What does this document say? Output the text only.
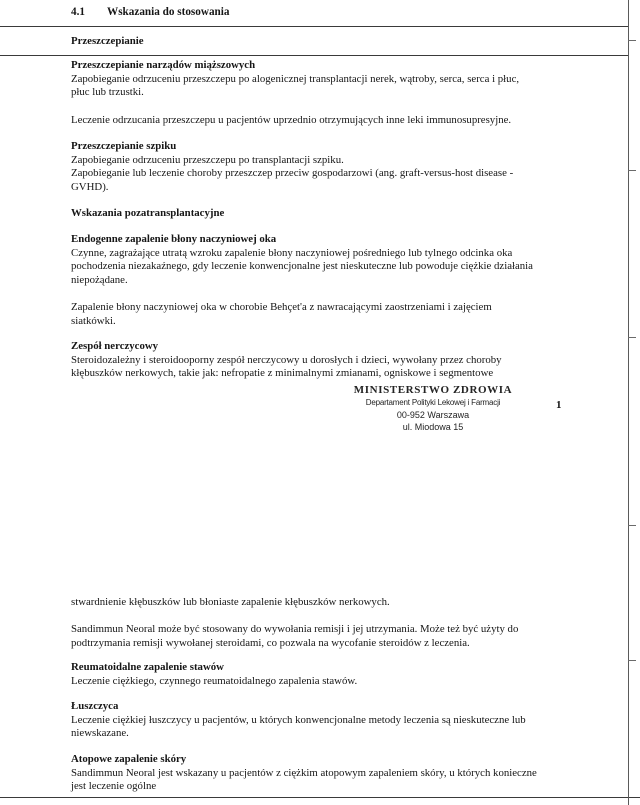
4.1 Wskazania do stosowania
Przeszczepianie
Przeszczepianie narządów miąższowych
Zapobieganie odrzuceniu przeszczepu po alogenicznej transplantacji nerek, wątroby, serca, serca i płuc,
płuc lub trzustki.
Leczenie odrzucania przeszczepu u pacjentów uprzednio otrzymujących inne leki immunosupresyjne.
Przeszczepianie szpiku
Zapobieganie odrzuceniu przeszczepu po transplantacji szpiku.
Zapobieganie lub leczenie choroby przeszczep przeciw gospodarzowi (ang. graft-versus-host disease -
GVHD).
Wskazania pozatransplantacyjne
Endogenne zapalenie błony naczyniowej oka
Czynne, zagrażające utratą wzroku zapalenie błony naczyniowej pośredniego lub tylnego odcinka oka
pochodzenia niezakaźnego, gdy leczenie konwencjonalne jest nieskuteczne lub powoduje ciężkie działania
niepożądane.
Zapalenie błony naczyniowej oka w chorobie Behçet'a z nawracającymi zaostrzeniami i zajęciem
siatkówki.
Zespół nerczycowy
Steroidozależny i steroidooporny zespół nerczycowy u dorosłych i dzieci, wywołany przez choroby
kłębuszków nerkowych, takie jak: nefropatie z minimalnymi zmianami, ogniskowe i segmentowe
MINISTERSTWO ZDROWIA
Departament Polityki Lekowej i Farmacji
00-952 Warszawa
ul. Miodowa 15
1
stwardnienie kłębuszków lub błoniaste zapalenie kłębuszków nerkowych.
Sandimmun Neoral może być stosowany do wywołania remisji i jej utrzymania. Może też być użyty do
podtrzymania remisji wywołanej steroidami, co pozwala na wycofanie steroidów z leczenia.
Reumatoidalne zapalenie stawów
Leczenie ciężkiego, czynnego reumatoidalnego zapalenia stawów.
Łuszczyca
Leczenie ciężkiej łuszczycy u pacjentów, u których konwencjonalne metody leczenia są nieskuteczne lub
niewskazane.
Atopowe zapalenie skóry
Sandimmun Neoral jest wskazany u pacjentów z ciężkim atopowym zapaleniem skóry, u których konieczne
jest leczenie ogólne
